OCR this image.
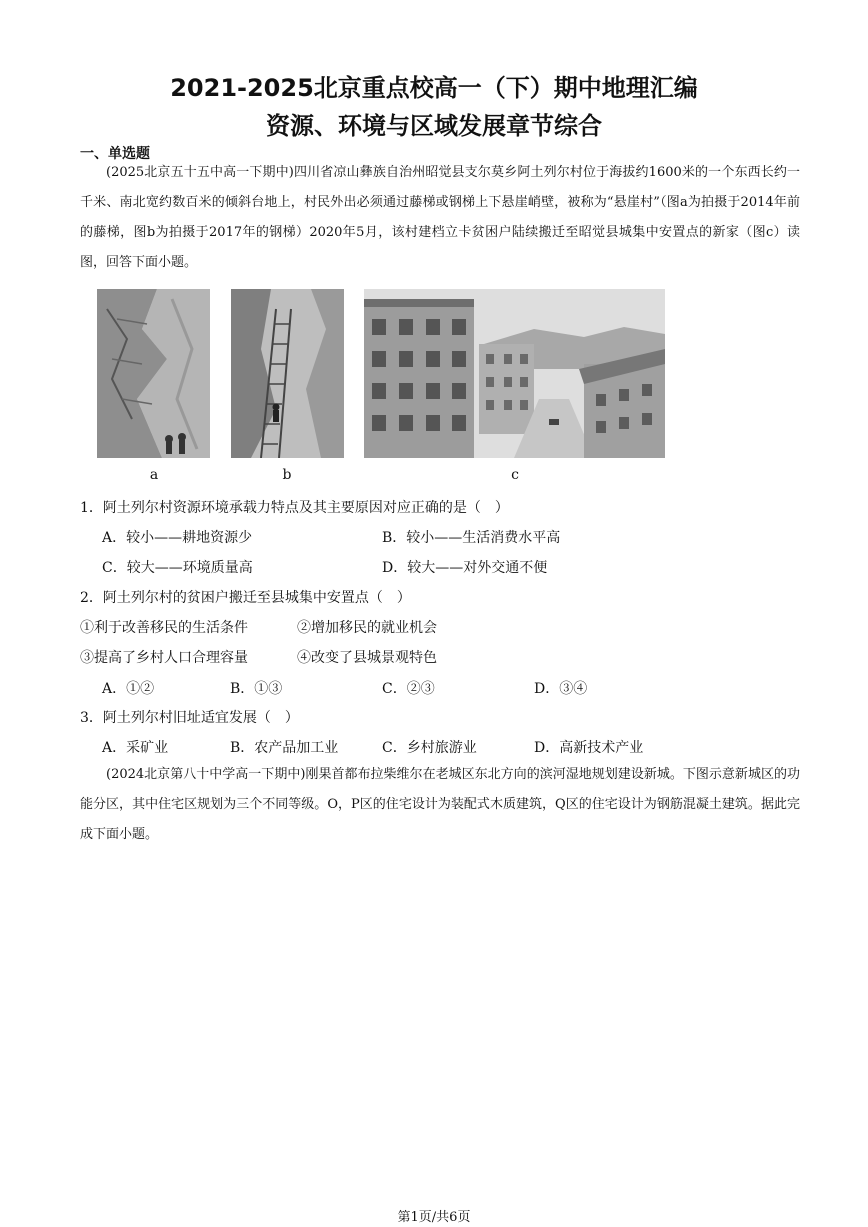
2021-2025北京重点校高一（下）期中地理汇编
资源、环境与区域发展章节综合
一、单选题
(2025北京五十五中高一下期中)四川省凉山彝族自治州昭觉县支尔莫乡阿土列尔村位于海拔约1600米的一个东西长约一千米、南北宽约数百米的倾斜台地上，村民外出必须通过藤梯或钢梯上下悬崖峭壁，被称为“悬崖村”（图a为拍摄于2014年前的藤梯，图b为拍摄于2017年的钢梯）2020年5月，该村建档立卡贫困户陆续搬迁至昭觉县城集中安置点的新家（图c）读图，回答下面小题。
a	b	c
1．阿土列尔村资源环境承载力特点及其主要原因对应正确的是（　）
A．较小——耕地资源少	B．较小——生活消费水平高
C．较大——环境质量高	D．较大——对外交通不便
2．阿土列尔村的贫困户搬迁至县城集中安置点（　）
①利于改善移民的生活条件	②增加移民的就业机会
③提高了乡村人口合理容量	④改变了县城景观特色
A．①②	B．①③	C．②③	D．③④
3．阿土列尔村旧址适宜发展（　）
A．采矿业	B．农产品加工业	C．乡村旅游业	D．高新技术产业
(2024北京第八十中学高一下期中)刚果首都布拉柴维尔在老城区东北方向的滨河湿地规划建设新城。下图示意新城区的功能分区，其中住宅区规划为三个不同等级。O，P区的住宅设计为装配式木质建筑，Q区的住宅设计为钢筋混凝土建筑。据此完成下面小题。
第1页/共6页
